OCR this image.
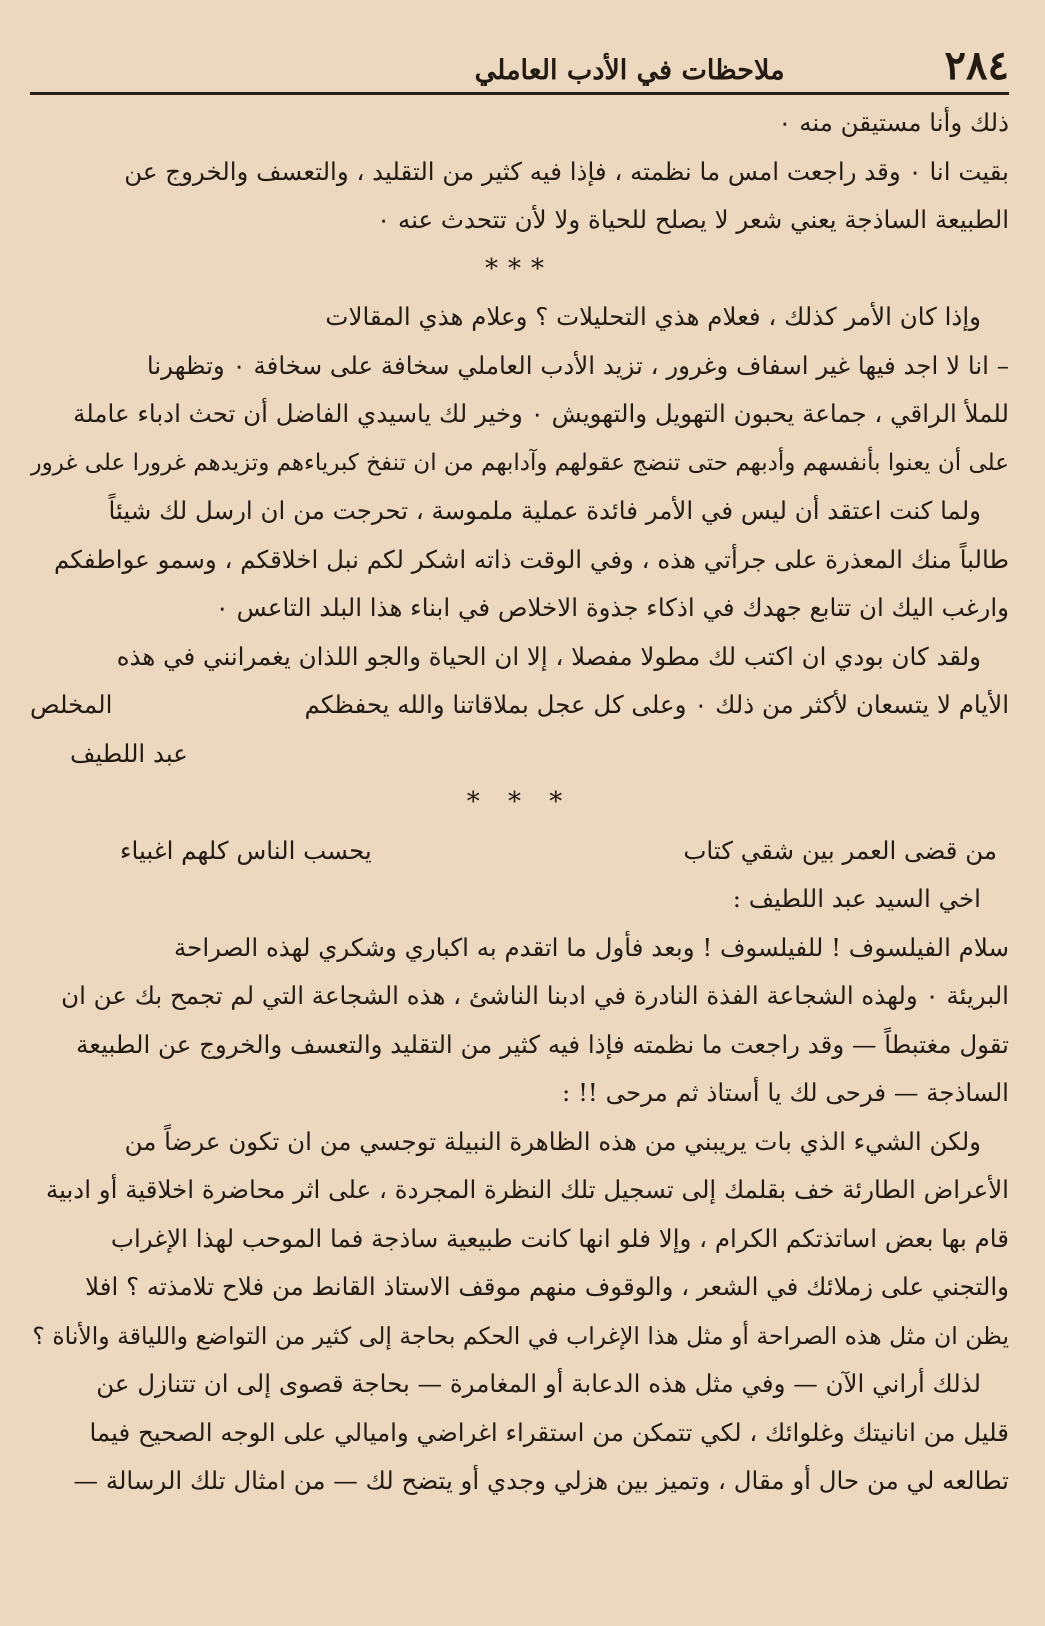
٢٨٤
ملاحظات في الأدب العاملي
ذلك وأنا مستيقن منه ٠
بقيت انا ٠ وقد راجعت امس ما نظمته ، فإذا فيه كثير من التقليد ، والتعسف والخروج عن
الطبيعة الساذجة يعني شعر لا يصلح للحياة ولا لأن تتحدث عنه ٠
***
وإذا كان الأمر كذلك ، فعلام هذي التحليلات ؟ وعلام هذي المقالات
– انا لا اجد فيها غير اسفاف وغرور ، تزيد الأدب العاملي سخافة على سخافة ٠ وتظهرنا
للملأ الراقي ، جماعة يحبون التهويل والتهويش ٠ وخير لك ياسيدي الفاضل أن تحث ادباء عاملة
على أن يعنوا بأنفسهم وأدبهم حتى تنضج عقولهم وآدابهم من ان تنفخ كبرياءهم وتزيدهم غرورا على غرور
ولما كنت اعتقد أن ليس في الأمر فائدة عملية ملموسة ، تحرجت من ان ارسل لك شيئاً
طالباً منك المعذرة على جرأتي هذه ، وفي الوقت ذاته اشكر لكم نبل اخلاقكم ، وسمو عواطفكم
وارغب اليك ان تتابع جهدك في اذكاء جذوة الاخلاص في ابناء هذا البلد التاعس ٠
ولقد كان بودي ان اكتب لك مطولا مفصلا ، إلا ان الحياة والجو اللذان يغمرانني في هذه
الأيام لا يتسعان لأكثر من ذلك ٠ وعلى كل عجل بملاقاتنا والله يحفظكم
المخلص
عبد اللطيف
* * *
من قضى العمر بين شقي كتاب
يحسب الناس كلهم اغبياء
اخي السيد عبد اللطيف :
سلام الفيلسوف ! للفيلسوف ! وبعد فأول ما اتقدم به اكباري وشكري لهذه الصراحة
البريئة ٠ ولهذه الشجاعة الفذة النادرة في ادبنا الناشئ ، هذه الشجاعة التي لم تجمح بك عن ان
تقول مغتبطاً — وقد راجعت ما نظمته فإذا فيه كثير من التقليد والتعسف والخروج عن الطبيعة
الساذجة — فرحى لك يا أستاذ ثم مرحى !! :
ولكن الشيء الذي بات يريبني من هذه الظاهرة النبيلة توجسي من ان تكون عرضاً من
الأعراض الطارئة خف بقلمك إلى تسجيل تلك النظرة المجردة ، على اثر محاضرة اخلاقية أو ادبية
قام بها بعض اساتذتكم الكرام ، وإلا فلو انها كانت طبيعية ساذجة فما الموحب لهذا الإغراب
والتجني على زملائك في الشعر ، والوقوف منهم موقف الاستاذ القانط من فلاح تلامذته ؟ افلا
يظن ان مثل هذه الصراحة أو مثل هذا الإغراب في الحكم بحاجة إلى كثير من التواضع واللياقة والأناة ؟
لذلك أراني الآن — وفي مثل هذه الدعابة أو المغامرة — بحاجة قصوى إلى ان تتنازل عن
قليل من انانيتك وغلوائك ، لكي تتمكن من استقراء اغراضي واميالي على الوجه الصحيح فيما
تطالعه لي من حال أو مقال ، وتميز بين هزلي وجدي أو يتضح لك — من امثال تلك الرسالة —
